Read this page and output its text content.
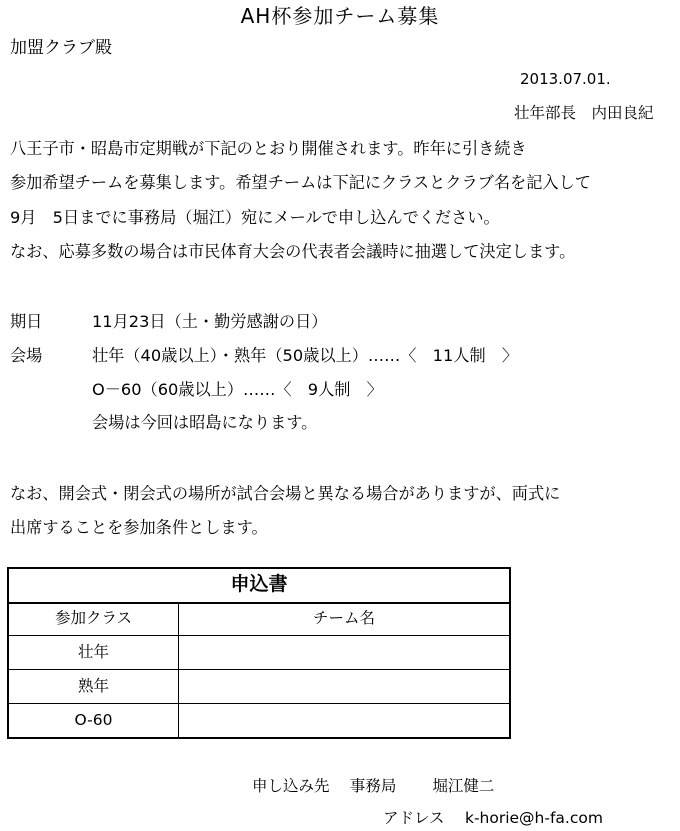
AH杯参加チーム募集
加盟クラブ殿
2013.07.01.
壮年部長　内田良紀
八王子市・昭島市定期戦が下記のとおり開催されます。昨年に引き続き
参加希望チームを募集します。希望チームは下記にクラスとクラブ名を記入して
9月　5日までに事務局（堀江）宛にメールで申し込んでください。
なお、応募多数の場合は市民体育大会の代表者会議時に抽選して決定します。
期日	11月23日（土・勤労感謝の日）
会場	壮年（40歳以上）・熟年（50歳以上）……〈　11人制　〉
O－60（60歳以上）……〈　9人制　〉
会場は今回は昭島になります。
なお、開会式・閉会式の場所が試合会場と異なる場合がありますが、両式に
出席することを参加条件とします。
申込書
参加クラス	チーム名
壮年
熟年
O-60
申し込み先　 事務局　　 堀江健二
アドレス　 k-horie@h-fa.com
